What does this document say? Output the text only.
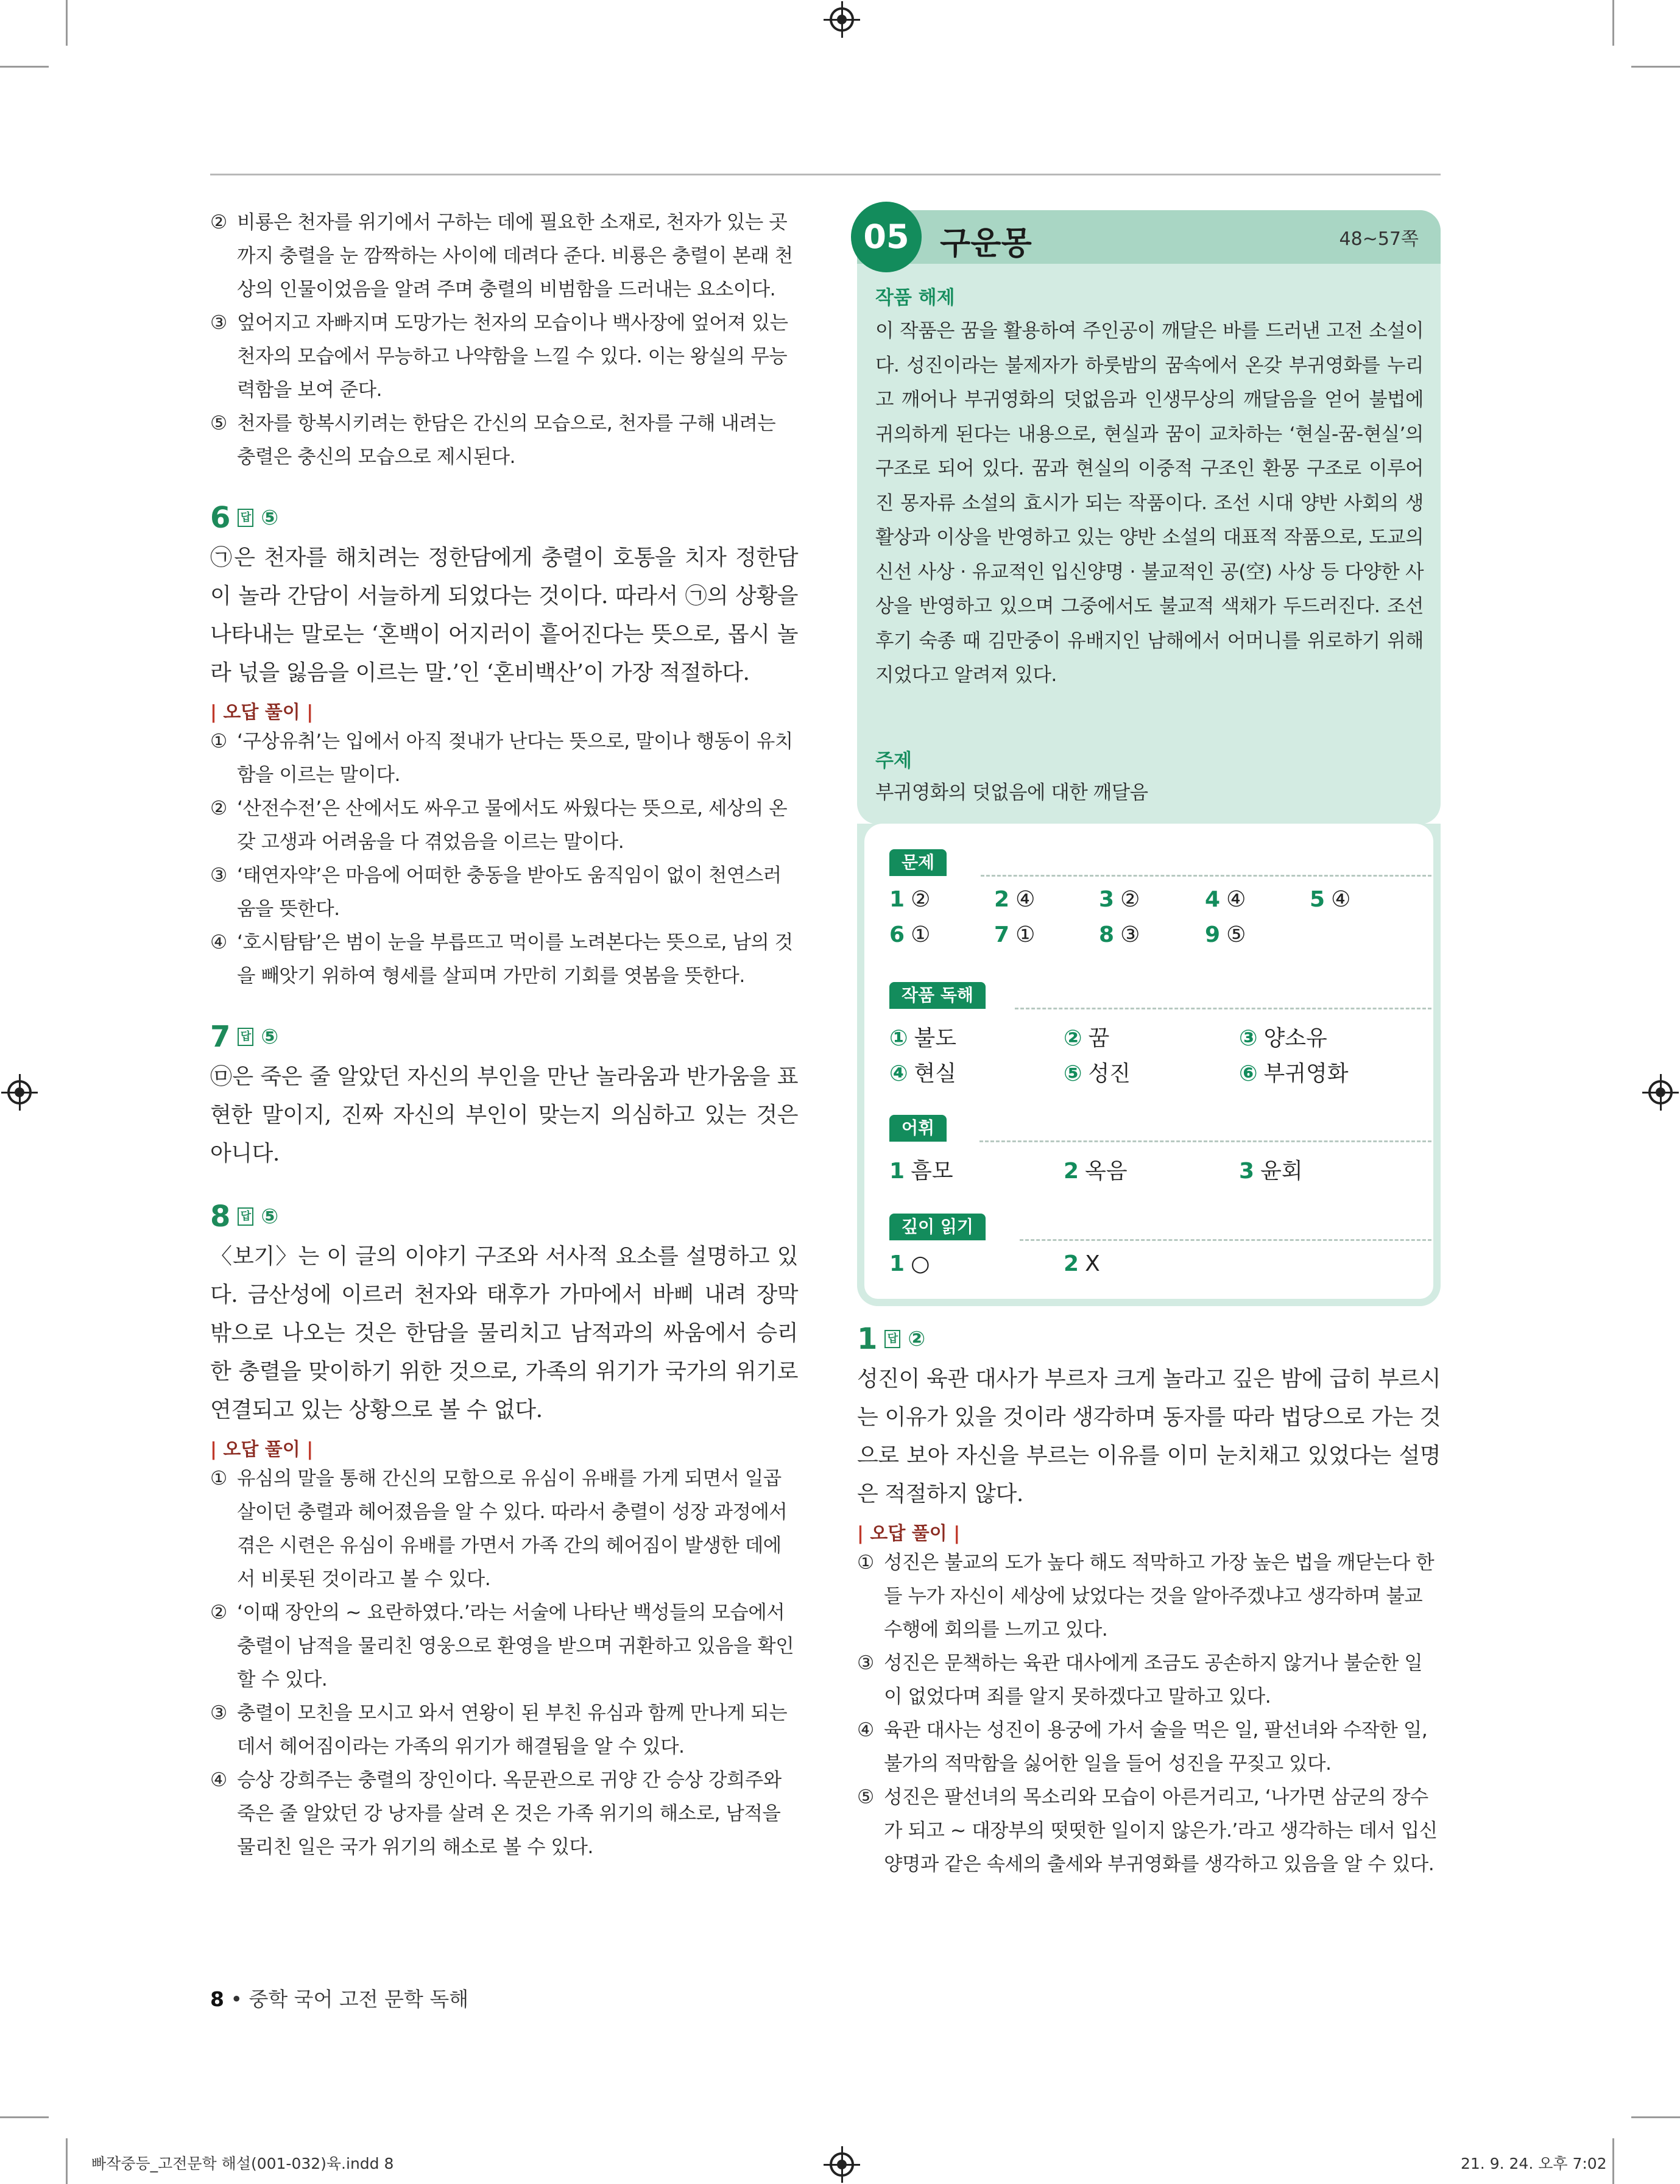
② 비룡은 천자를 위기에서 구하는 데에 필요한 소재로, 천자가 있는 곳까지 충렬을 눈 깜짝하는 사이에 데려다 준다. 비룡은 충렬이 본래 천상의 인물이었음을 알려 주며 충렬의 비범함을 드러내는 요소이다.
③ 엎어지고 자빠지며 도망가는 천자의 모습이나 백사장에 엎어져 있는 천자의 모습에서 무능하고 나약함을 느낄 수 있다. 이는 왕실의 무능력함을 보여 준다.
⑤ 천자를 항복시키려는 한담은 간신의 모습으로, 천자를 구해 내려는 충렬은 충신의 모습으로 제시된다.
6 답 ⑤
㉠은 천자를 해치려는 정한담에게 충렬이 호통을 치자 정한담이 놀라 간담이 서늘하게 되었다는 것이다. 따라서 ㉠의 상황을 나타내는 말로는 ‘혼백이 어지러이 흩어진다는 뜻으로, 몹시 놀라 넋을 잃음을 이르는 말.’인 ‘혼비백산’이 가장 적절하다.
| 오답 풀이 |
① ‘구상유취’는 입에서 아직 젖내가 난다는 뜻으로, 말이나 행동이 유치함을 이르는 말이다.
② ‘산전수전’은 산에서도 싸우고 물에서도 싸웠다는 뜻으로, 세상의 온갖 고생과 어려움을 다 겪었음을 이르는 말이다.
③ ‘태연자약’은 마음에 어떠한 충동을 받아도 움직임이 없이 천연스러움을 뜻한다.
④ ‘호시탐탐’은 범이 눈을 부릅뜨고 먹이를 노려본다는 뜻으로, 남의 것을 빼앗기 위하여 형세를 살피며 가만히 기회를 엿봄을 뜻한다.
7 답 ⑤
㉤은 죽은 줄 알았던 자신의 부인을 만난 놀라움과 반가움을 표현한 말이지, 진짜 자신의 부인이 맞는지 의심하고 있는 것은 아니다.
8 답 ⑤
〈보기〉는 이 글의 이야기 구조와 서사적 요소를 설명하고 있다. 금산성에 이르러 천자와 태후가 가마에서 바삐 내려 장막 밖으로 나오는 것은 한담을 물리치고 남적과의 싸움에서 승리한 충렬을 맞이하기 위한 것으로, 가족의 위기가 국가의 위기로 연결되고 있는 상황으로 볼 수 없다.
| 오답 풀이 |
① 유심의 말을 통해 간신의 모함으로 유심이 유배를 가게 되면서 일곱 살이던 충렬과 헤어졌음을 알 수 있다. 따라서 충렬이 성장 과정에서 겪은 시련은 유심이 유배를 가면서 가족 간의 헤어짐이 발생한 데에서 비롯된 것이라고 볼 수 있다.
② ‘이때 장안의 ~ 요란하였다.’라는 서술에 나타난 백성들의 모습에서 충렬이 남적을 물리친 영웅으로 환영을 받으며 귀환하고 있음을 확인할 수 있다.
③ 충렬이 모친을 모시고 와서 연왕이 된 부친 유심과 함께 만나게 되는 데서 헤어짐이라는 가족의 위기가 해결됨을 알 수 있다.
④ 승상 강희주는 충렬의 장인이다. 옥문관으로 귀양 간 승상 강희주와 죽은 줄 알았던 강 낭자를 살려 온 것은 가족 위기의 해소로, 남적을 물리친 일은 국가 위기의 해소로 볼 수 있다.
05 구운몽	48~57쪽
작품 해제
이 작품은 꿈을 활용하여 주인공이 깨달은 바를 드러낸 고전 소설이다. 성진이라는 불제자가 하룻밤의 꿈속에서 온갖 부귀영화를 누리고 깨어나 부귀영화의 덧없음과 인생무상의 깨달음을 얻어 불법에 귀의하게 된다는 내용으로, 현실과 꿈이 교차하는 ‘현실-꿈-현실’의 구조로 되어 있다. 꿈과 현실의 이중적 구조인 환몽 구조로 이루어진 몽자류 소설의 효시가 되는 작품이다. 조선 시대 양반 사회의 생활상과 이상을 반영하고 있는 양반 소설의 대표적 작품으로, 도교의 신선 사상 · 유교적인 입신양명 · 불교적인 공(空) 사상 등 다양한 사상을 반영하고 있으며 그중에서도 불교적 색채가 두드러진다. 조선 후기 숙종 때 김만중이 유배지인 남해에서 어머니를 위로하기 위해 지었다고 알려져 있다.
주제
부귀영화의 덧없음에 대한 깨달음
문제
1 ②	2 ④	3 ②	4 ④	5 ④
6 ①	7 ①	8 ③	9 ⑤
작품 독해
① 불도	② 꿈	③ 양소유
④ 현실	⑤ 성진	⑥ 부귀영화
어휘
1 흠모	2 옥음	3 윤회
깊이 읽기
1 ○	2 X
1 답 ②
성진이 육관 대사가 부르자 크게 놀라고 깊은 밤에 급히 부르시는 이유가 있을 것이라 생각하며 동자를 따라 법당으로 가는 것으로 보아 자신을 부르는 이유를 이미 눈치채고 있었다는 설명은 적절하지 않다.
| 오답 풀이 |
① 성진은 불교의 도가 높다 해도 적막하고 가장 높은 법을 깨닫는다 한들 누가 자신이 세상에 났었다는 것을 알아주겠냐고 생각하며 불교 수행에 회의를 느끼고 있다.
③ 성진은 문책하는 육관 대사에게 조금도 공손하지 않거나 불순한 일이 없었다며 죄를 알지 못하겠다고 말하고 있다.
④ 육관 대사는 성진이 용궁에 가서 술을 먹은 일, 팔선녀와 수작한 일, 불가의 적막함을 싫어한 일을 들어 성진을 꾸짖고 있다.
⑤ 성진은 팔선녀의 목소리와 모습이 아른거리고, ‘나가면 삼군의 장수가 되고 ~ 대장부의 떳떳한 일이지 않은가.’라고 생각하는 데서 입신양명과 같은 속세의 출세와 부귀영화를 생각하고 있음을 알 수 있다.
8 • 중학 국어 고전 문학 독해
빠작중등_고전문학 해설(001-032)육.indd 8	21. 9. 24. 오후 7:02
